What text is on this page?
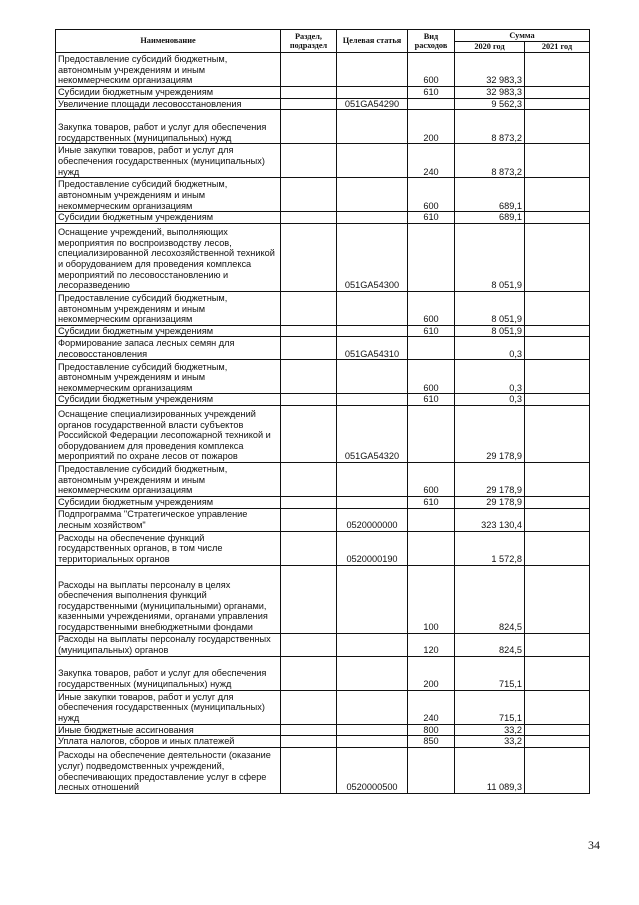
Наименование	Раздел, подраздел	Целевая статья	Вид расходов	Сумма	
				2020 год	2021 год
Предоставление субсидий бюджетным, автономным учреждениям и иным некоммерческим организациям			600	32 983,3	
Субсидии бюджетным учреждениям			610	32 983,3	
Увеличение площади лесовосстановления		051GA54290		9 562,3	
Закупка товаров, работ и услуг для обеспечения государственных (муниципальных) нужд			200	8 873,2	
Иные закупки товаров, работ и услуг для обеспечения государственных (муниципальных) нужд			240	8 873,2	
Предоставление субсидий бюджетным, автономным учреждениям и иным некоммерческим организациям			600	689,1	
Субсидии бюджетным учреждениям			610	689,1	
Оснащение учреждений, выполняющих мероприятия по воспроизводству лесов, специализированной лесохозяйственной техникой и оборудованием для проведения комплекса мероприятий по лесовосстановлению и лесоразведению		051GA54300		8 051,9	
Предоставление субсидий бюджетным, автономным учреждениям и иным некоммерческим организациям			600	8 051,9	
Субсидии бюджетным учреждениям			610	8 051,9	
Формирование запаса лесных семян для лесовосстановления		051GA54310		0,3	
Предоставление субсидий бюджетным, автономным учреждениям и иным некоммерческим организациям			600	0,3	
Субсидии бюджетным учреждениям			610	0,3	
Оснащение специализированных учреждений органов государственной власти субъектов Российской Федерации лесопожарной техникой и оборудованием для проведения комплекса мероприятий по охране лесов от пожаров		051GA54320		29 178,9	
Предоставление субсидий бюджетным, автономным учреждениям и иным некоммерческим организациям			600	29 178,9	
Субсидии бюджетным учреждениям			610	29 178,9	
Подпрограмма "Стратегическое управление лесным хозяйством"		0520000000		323 130,4	
Расходы на обеспечение функций государственных органов, в том числе территориальных органов		0520000190		1 572,8	
Расходы на выплаты персоналу в целях обеспечения выполнения функций государственными (муниципальными) органами, казенными учреждениями, органами управления государственными внебюджетными фондами			100	824,5	
Расходы на выплаты персоналу государственных (муниципальных) органов			120	824,5	
Закупка товаров, работ и услуг для обеспечения государственных (муниципальных) нужд			200	715,1	
Иные закупки товаров, работ и услуг для обеспечения государственных (муниципальных) нужд			240	715,1	
Иные бюджетные ассигнования			800	33,2	
Уплата налогов, сборов и иных платежей			850	33,2	
Расходы на обеспечение деятельности (оказание услуг) подведомственных учреждений, обеспечивающих предоставление услуг в сфере лесных отношений		0520000500		11 089,3	
34
